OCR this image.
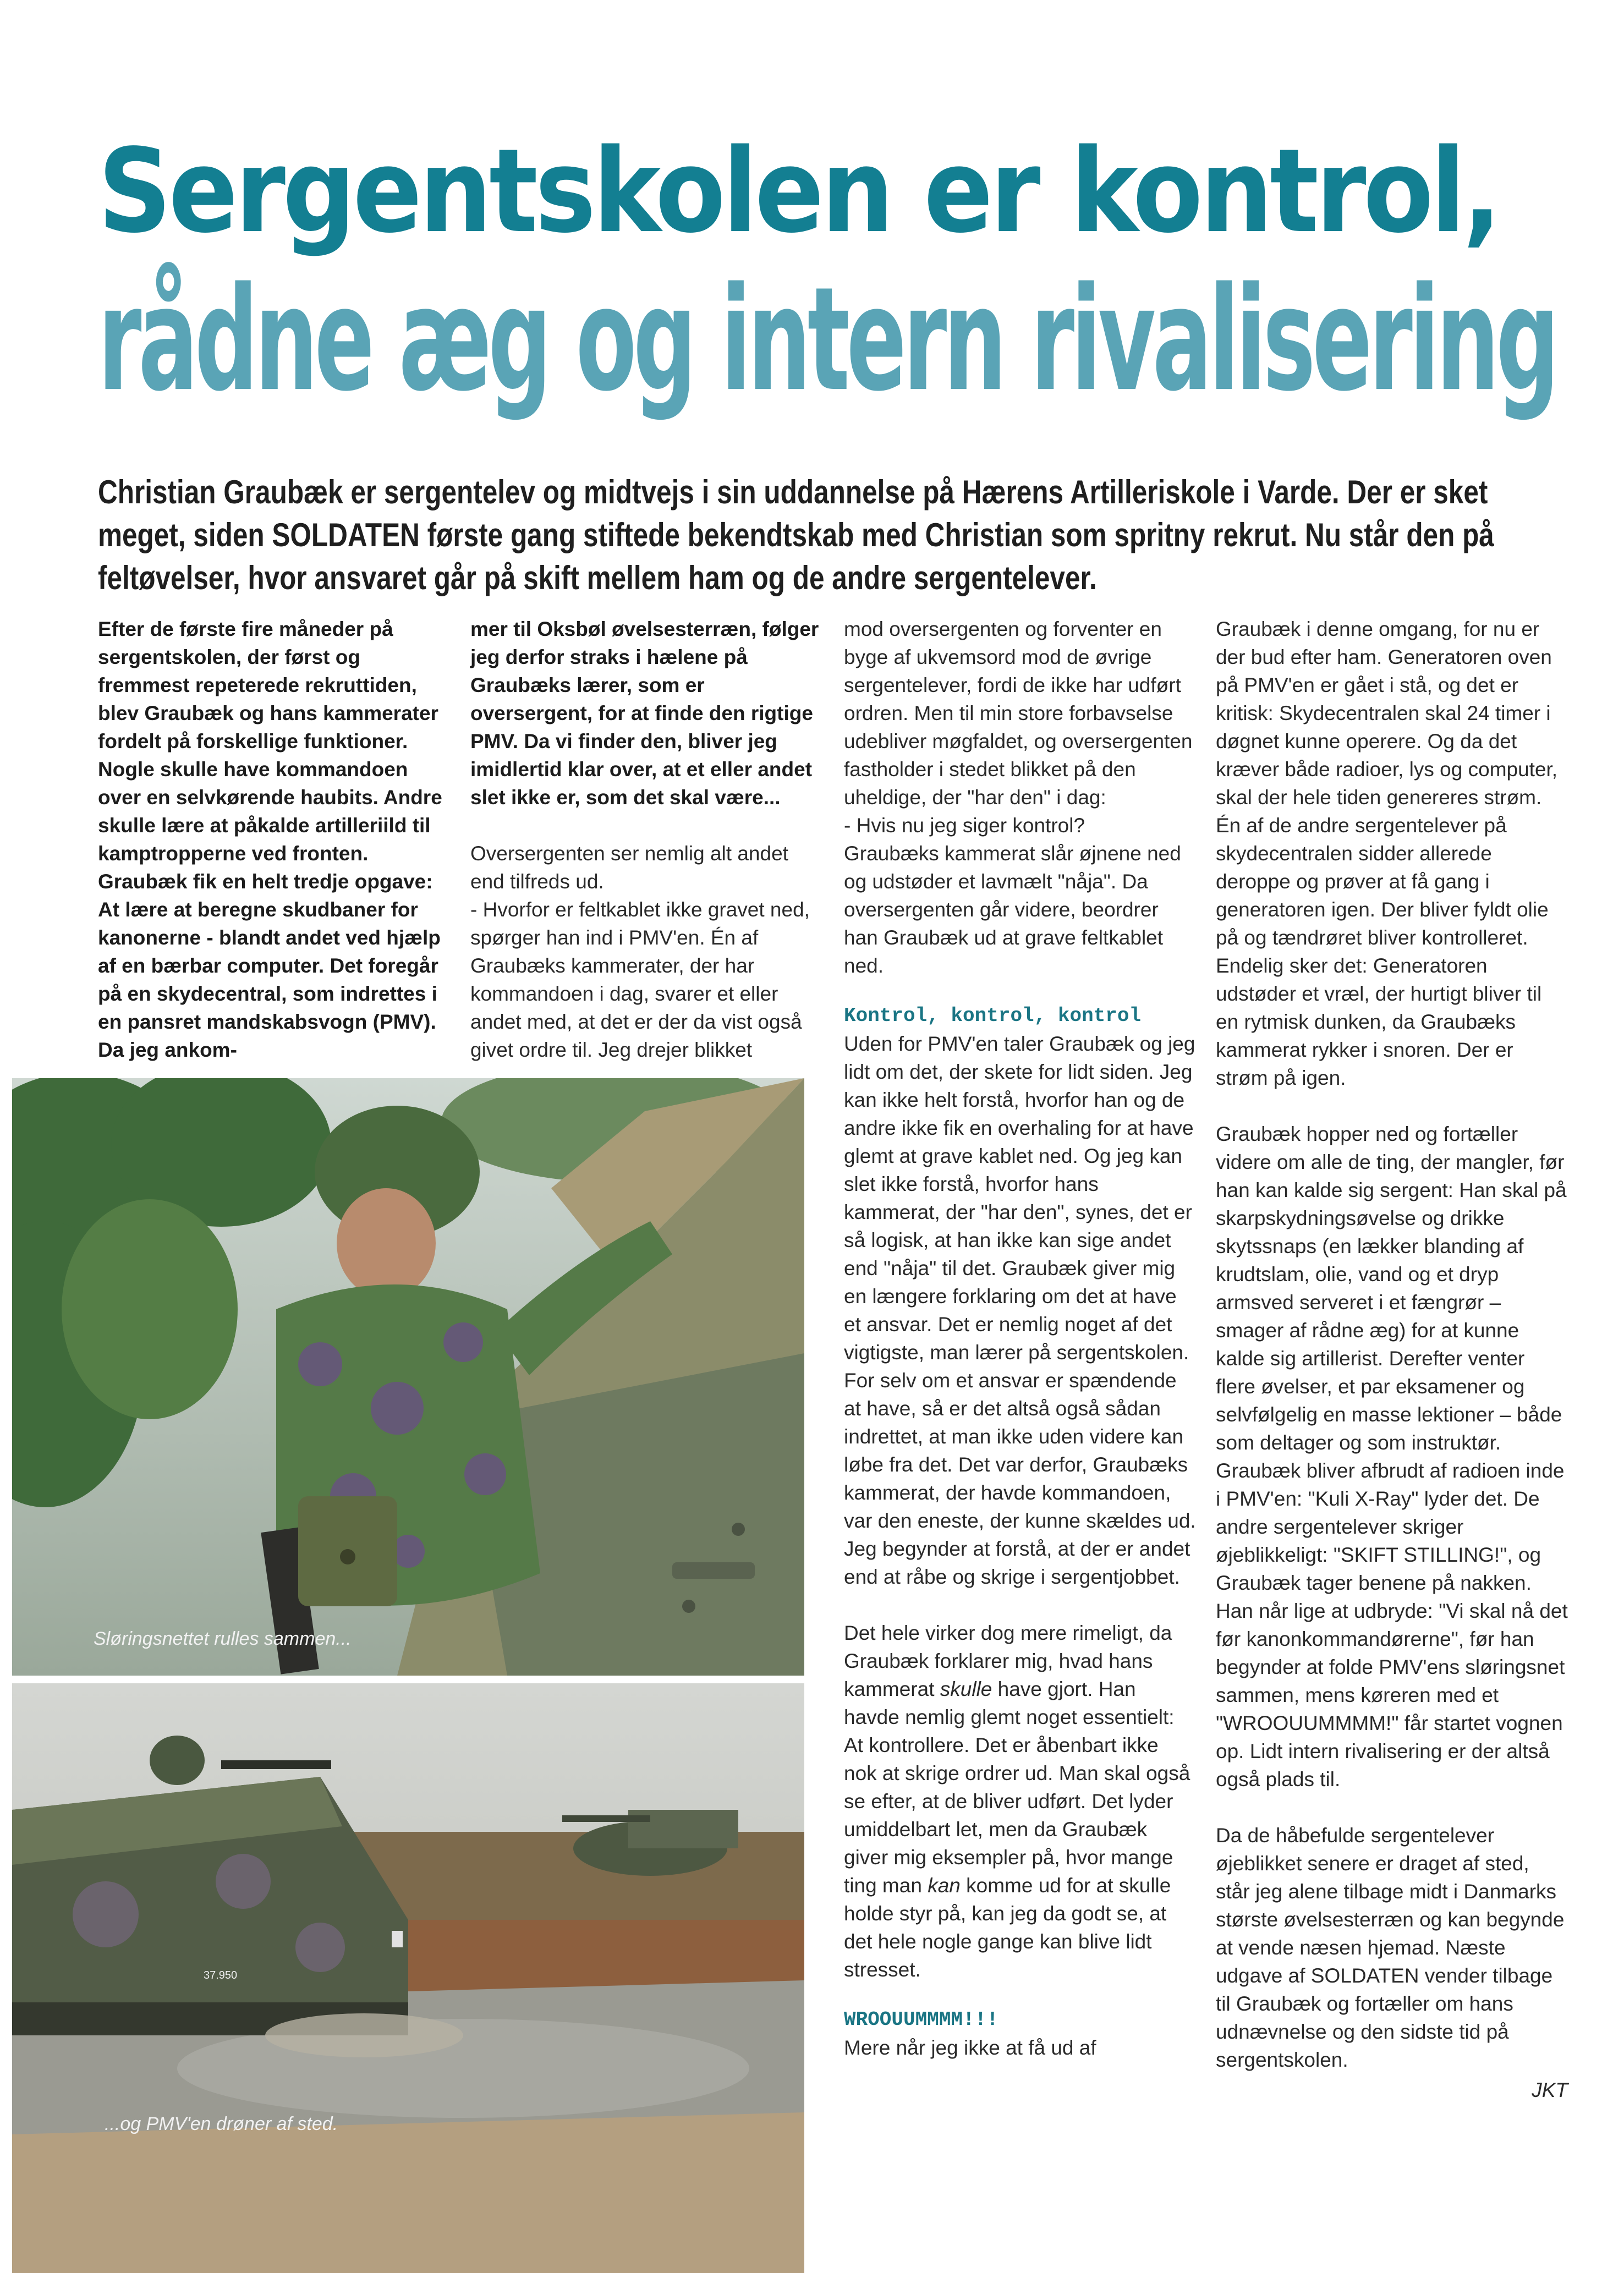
Sergentskolen er kontrol,
rådne æg og intern rivalisering

Christian Graubæk er sergentelev og midtvejs i sin uddannelse på Hærens Artilleriskole i Varde. Der er sket meget, siden SOLDATEN første gang stiftede bekendtskab med Christian som spritny rekrut. Nu står den på feltøvelser, hvor ansvaret går på skift mellem ham og de andre sergentelever.

Efter de første fire måneder på sergentskolen, der først og fremmest repeterede rekruttiden, blev Graubæk og hans kammerater fordelt på forskellige funktioner. Nogle skulle have kommandoen over en selvkørende haubits. Andre skulle lære at påkalde artilleriild til kamptropperne ved fronten. Graubæk fik en helt tredje opgave: At lære at beregne skudbaner for kanonerne - blandt andet ved hjælp af en bærbar computer. Det foregår på en skydecentral, som indrettes i en pansret mandskabsvogn (PMV). Da jeg ankom-

mer til Oksbøl øvelsesterræn, følger jeg derfor straks i hælene på Graubæks lærer, som er oversergent, for at finde den rigtige PMV. Da vi finder den, bliver jeg imidlertid klar over, at et eller andet slet ikke er, som det skal være...

Oversergenten ser nemlig alt andet end tilfreds ud.

- Hvorfor er feltkablet ikke gravet ned, spørger han ind i PMV'en. Én af Graubæks kammerater, der har kommandoen i dag, svarer et eller andet med, at det er der da vist også givet ordre til. Jeg drejer blikket

mod oversergenten og forventer en byge af ukvemsord mod de øvrige sergentelever, fordi de ikke har udført ordren. Men til min store forbavselse udebliver møgfaldet, og oversergenten fastholder i stedet blikket på den uheldige, der "har den" i dag:

- Hvis nu jeg siger kontrol?

Graubæks kammerat slår øjnene ned og udstøder et lavmælt "nåja". Da oversergenten går videre, beordrer han Graubæk ud at grave feltkablet ned.

Kontrol, kontrol, kontrol

Uden for PMV'en taler Graubæk og jeg lidt om det, der skete for lidt siden. Jeg kan ikke helt forstå, hvorfor han og de andre ikke fik en overhaling for at have glemt at grave kablet ned. Og jeg kan slet ikke forstå, hvorfor hans kammerat, der "har den", synes, det er så logisk, at han ikke kan sige andet end "nåja" til det. Graubæk giver mig en længere forklaring om det at have et ansvar. Det er nemlig noget af det vigtigste, man lærer på sergentskolen. For selv om et ansvar er spændende at have, så er det altså også sådan indrettet, at man ikke uden videre kan løbe fra det. Det var derfor, Graubæks kammerat, der havde kommandoen, var den eneste, der kunne skældes ud. Jeg begynder at forstå, at der er andet end at råbe og skrige i sergentjobbet.

Det hele virker dog mere rimeligt, da Graubæk forklarer mig, hvad hans kammerat skulle have gjort. Han havde nemlig glemt noget essentielt: At kontrollere. Det er åbenbart ikke nok at skrige ordrer ud. Man skal også se efter, at de bliver udført. Det lyder umiddelbart let, men da Graubæk giver mig eksempler på, hvor mange ting man kan komme ud for at skulle holde styr på, kan jeg da godt se, at det hele nogle gange kan blive lidt stresset.

WROOUUMMMM!!!

Mere når jeg ikke at få ud af

Graubæk i denne omgang, for nu er der bud efter ham. Generatoren oven på PMV'en er gået i stå, og det er kritisk: Skydecentralen skal 24 timer i døgnet kunne operere. Og da det kræver både radioer, lys og computer, skal der hele tiden genereres strøm. Én af de andre sergentelever på skydecentralen sidder allerede deroppe og prøver at få gang i generatoren igen. Der bliver fyldt olie på og tændrøret bliver kontrolleret. Endelig sker det: Generatoren udstøder et vræl, der hurtigt bliver til en rytmisk dunken, da Graubæks kammerat rykker i snoren. Der er strøm på igen.

Graubæk hopper ned og fortæller videre om alle de ting, der mangler, før han kan kalde sig sergent: Han skal på skarpskydningsøvelse og drikke skytssnaps (en lækker blanding af krudtslam, olie, vand og et dryp armsved serveret i et fængrør – smager af rådne æg) for at kunne kalde sig artillerist. Derefter venter flere øvelser, et par eksamener og selvfølgelig en masse lektioner – både som deltager og som instruktør. Graubæk bliver afbrudt af radioen inde i PMV'en: "Kuli X-Ray" lyder det. De andre sergentelever skriger øjeblikkeligt: "SKIFT STILLING!", og Graubæk tager benene på nakken. Han når lige at udbryde: "Vi skal nå det før kanonkommandørerne", før han begynder at folde PMV'ens sløringsnet sammen, mens køreren med et "WROOUUMMMM!" får startet vognen op. Lidt intern rivalisering er der altså også plads til.

Da de håbefulde sergentelever øjeblikket senere er draget af sted, står jeg alene tilbage midt i Danmarks største øvelsesterræn og kan begynde at vende næsen hjemad. Næste udgave af SOLDATEN vender tilbage til Graubæk og fortæller om hans udnævnelse og den sidste tid på sergentskolen.

JKT

Sløringsnettet rulles sammen...

37.950

...og PMV'en drøner af sted.
